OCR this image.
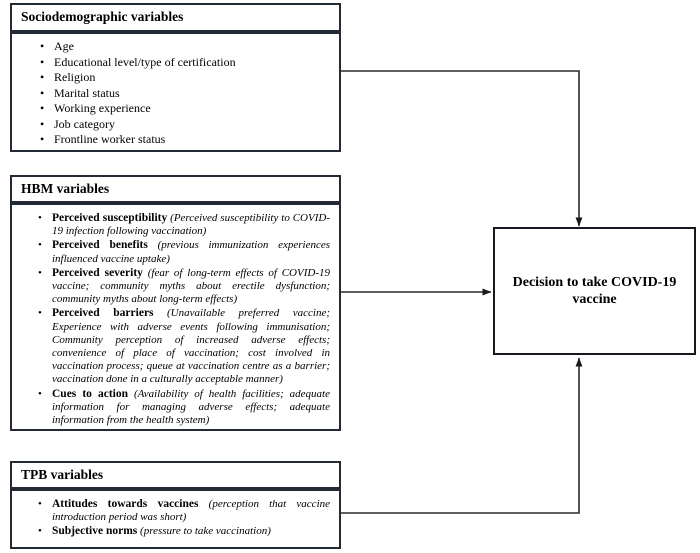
Sociodemographic variables
• Age
• Educational level/type of certification
• Religion
• Marital status
• Working experience
• Job category
• Frontline worker status
HBM variables
• Perceived susceptibility (Perceived susceptibility to COVID-19 infection following vaccination)
• Perceived benefits (previous immunization experiences influenced vaccine uptake)
• Perceived severity (fear of long-term effects of COVID-19 vaccine; community myths about erectile dysfunction; community myths about long-term effects)
• Perceived barriers (Unavailable preferred vaccine; Experience with adverse events following immunisation; Community perception of increased adverse effects; convenience of place of vaccination; cost involved in vaccination process; queue at vaccination centre as a barrier; vaccination done in a culturally acceptable manner)
• Cues to action (Availability of health facilities; adequate information for managing adverse effects; adequate information from the health system)
TPB variables
• Attitudes towards vaccines (perception that vaccine introduction period was short)
• Subjective norms (pressure to take vaccination)
Decision to take COVID-19 vaccine
